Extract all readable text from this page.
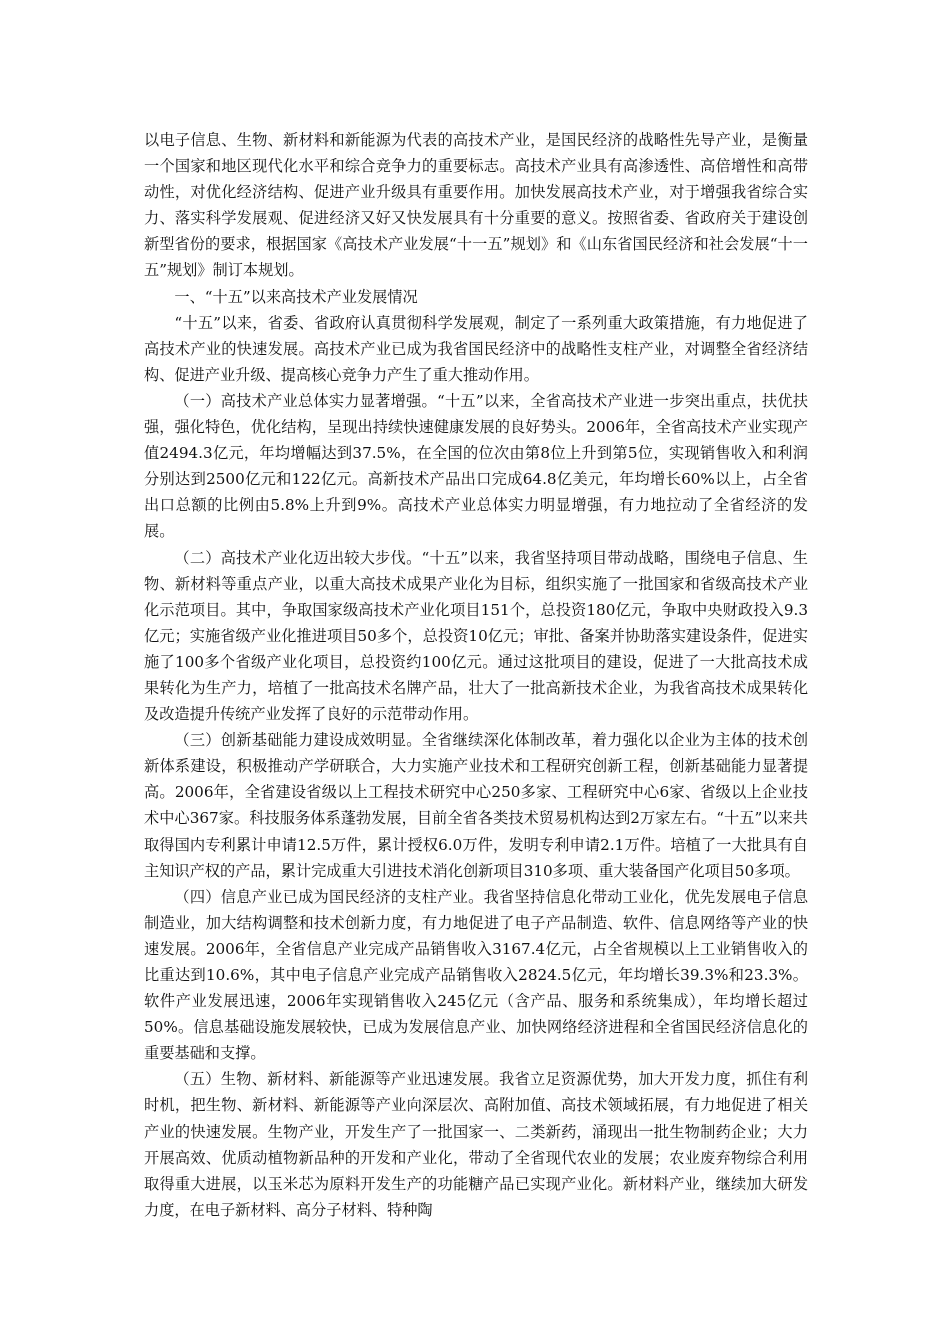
以电子信息、生物、新材料和新能源为代表的高技术产业，是国民经济的战略性先导产业，是衡量一个国家和地区现代化水平和综合竞争力的重要标志。高技术产业具有高渗透性、高倍增性和高带动性，对优化经济结构、促进产业升级具有重要作用。加快发展高技术产业，对于增强我省综合实力、落实科学发展观、促进经济又好又快发展具有十分重要的意义。按照省委、省政府关于建设创新型省份的要求，根据国家《高技术产业发展“十一五”规划》和《山东省国民经济和社会发展“十一五”规划》制订本规划。

一、“十五”以来高技术产业发展情况

“十五”以来，省委、省政府认真贯彻科学发展观，制定了一系列重大政策措施，有力地促进了高技术产业的快速发展。高技术产业已成为我省国民经济中的战略性支柱产业，对调整全省经济结构、促进产业升级、提高核心竞争力产生了重大推动作用。

（一）高技术产业总体实力显著增强。“十五”以来，全省高技术产业进一步突出重点，扶优扶强，强化特色，优化结构，呈现出持续快速健康发展的良好势头。2006年，全省高技术产业实现产值2494.3亿元，年均增幅达到37.5%，在全国的位次由第8位上升到第5位，实现销售收入和利润分别达到2500亿元和122亿元。高新技术产品出口完成64.8亿美元，年均增长60%以上，占全省出口总额的比例由5.8%上升到9%。高技术产业总体实力明显增强，有力地拉动了全省经济的发展。

（二）高技术产业化迈出较大步伐。“十五”以来，我省坚持项目带动战略，围绕电子信息、生物、新材料等重点产业，以重大高技术成果产业化为目标，组织实施了一批国家和省级高技术产业化示范项目。其中，争取国家级高技术产业化项目151个，总投资180亿元，争取中央财政投入9.3亿元；实施省级产业化推进项目50多个，总投资10亿元；审批、备案并协助落实建设条件，促进实施了100多个省级产业化项目，总投资约100亿元。通过这批项目的建设，促进了一大批高技术成果转化为生产力，培植了一批高技术名牌产品，壮大了一批高新技术企业，为我省高技术成果转化及改造提升传统产业发挥了良好的示范带动作用。

（三）创新基础能力建设成效明显。全省继续深化体制改革，着力强化以企业为主体的技术创新体系建设，积极推动产学研联合，大力实施产业技术和工程研究创新工程，创新基础能力显著提高。2006年，全省建设省级以上工程技术研究中心250多家、工程研究中心6家、省级以上企业技术中心367家。科技服务体系蓬勃发展，目前全省各类技术贸易机构达到2万家左右。“十五”以来共取得国内专利累计申请12.5万件，累计授权6.0万件，发明专利申请2.1万件。培植了一大批具有自主知识产权的产品，累计完成重大引进技术消化创新项目310多项、重大装备国产化项目50多项。

（四）信息产业已成为国民经济的支柱产业。我省坚持信息化带动工业化，优先发展电子信息制造业，加大结构调整和技术创新力度，有力地促进了电子产品制造、软件、信息网络等产业的快速发展。2006年，全省信息产业完成产品销售收入3167.4亿元，占全省规模以上工业销售收入的比重达到10.6%，其中电子信息产业完成产品销售收入2824.5亿元，年均增长39.3%和23.3%。软件产业发展迅速，2006年实现销售收入245亿元（含产品、服务和系统集成），年均增长超过50%。信息基础设施发展较快，已成为发展信息产业、加快网络经济进程和全省国民经济信息化的重要基础和支撑。

（五）生物、新材料、新能源等产业迅速发展。我省立足资源优势，加大开发力度，抓住有利时机，把生物、新材料、新能源等产业向深层次、高附加值、高技术领域拓展，有力地促进了相关产业的快速发展。生物产业，开发生产了一批国家一、二类新药，涌现出一批生物制药企业；大力开展高效、优质动植物新品种的开发和产业化，带动了全省现代农业的发展；农业废弃物综合利用取得重大进展，以玉米芯为原料开发生产的功能糖产品已实现产业化。新材料产业，继续加大研发力度，在电子新材料、高分子材料、特种陶
